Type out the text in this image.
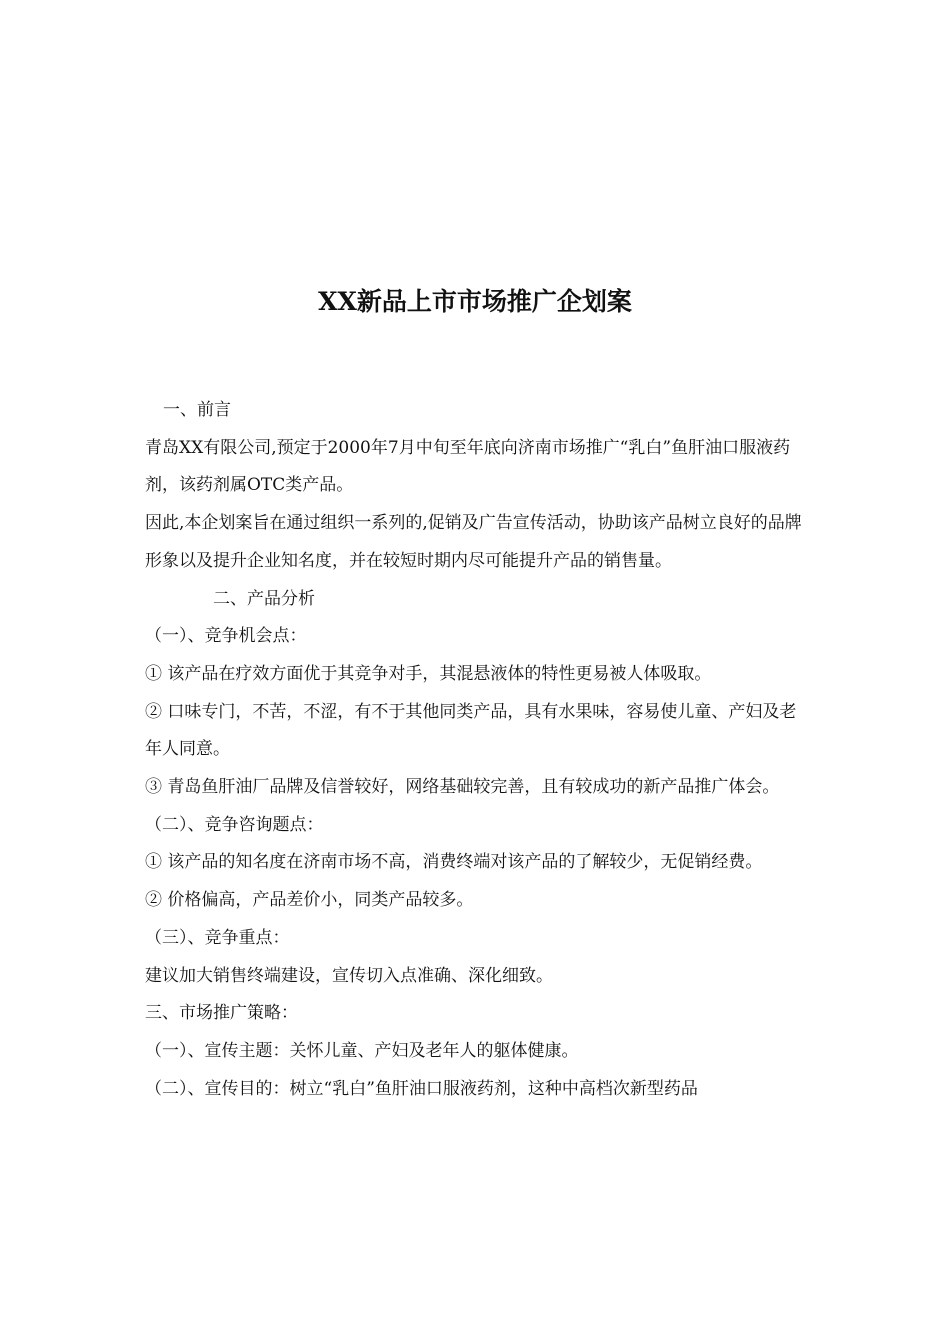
XX新品上市市场推广企划案

一、前言

青岛XX有限公司,预定于2000年7月中旬至年底向济南市场推广“乳白”鱼肝油口服液药剂，该药剂属OTC类产品。

因此,本企划案旨在通过组织一系列的,促销及广告宣传活动，协助该产品树立良好的品牌形象以及提升企业知名度，并在较短时期内尽可能提升产品的销售量。

二、产品分析

（一）、竞争机会点：

① 该产品在疗效方面优于其竞争对手，其混悬液体的特性更易被人体吸取。

② 口味专门，不苦，不涩，有不于其他同类产品，具有水果味，容易使儿童、产妇及老年人同意。

③ 青岛鱼肝油厂品牌及信誉较好，网络基础较完善，且有较成功的新产品推广体会。

（二）、竞争咨询题点：

① 该产品的知名度在济南市场不高，消费终端对该产品的了解较少，无促销经费。

② 价格偏高，产品差价小，同类产品较多。

（三）、竞争重点：

建议加大销售终端建设，宣传切入点准确、深化细致。

三、市场推广策略：

（一）、宣传主题：关怀儿童、产妇及老年人的躯体健康。

（二）、宣传目的：树立“乳白”鱼肝油口服液药剂，这种中高档次新型药品
